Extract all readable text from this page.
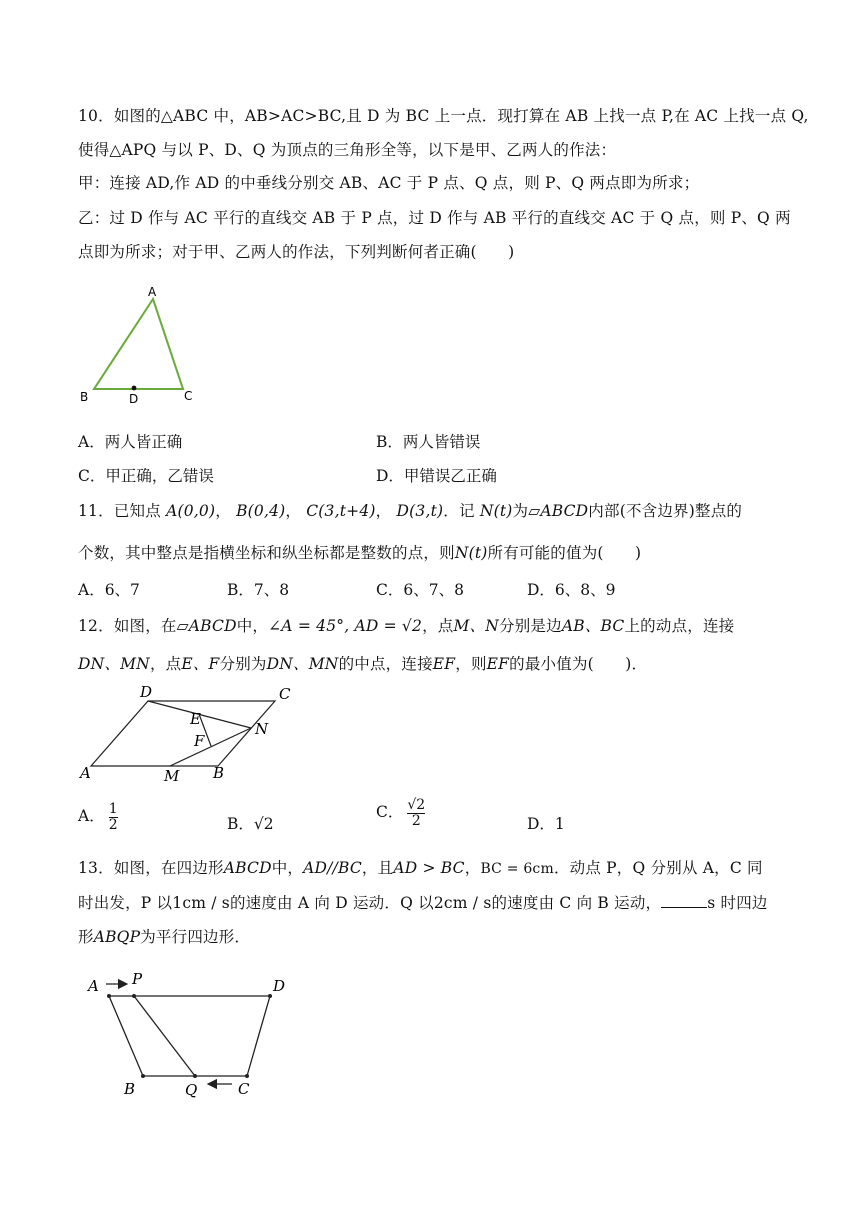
10．如图的△ABC 中，AB>AC>BC,且 D 为 BC 上一点．现打算在 AB 上找一点 P,在 AC 上找一点 Q,
使得△APQ 与以 P、D、Q 为顶点的三角形全等，以下是甲、乙两人的作法：
甲：连接 AD,作 AD 的中垂线分别交 AB、AC 于 P 点、Q 点，则 P、Q 两点即为所求；
乙：过 D 作与 AC 平行的直线交 AB 于 P 点，过 D 作与 AB 平行的直线交 AC 于 Q 点，则 P、Q 两
点即为所求；对于甲、乙两人的作法，下列判断何者正确(　　)
A
B	C
D
A．两人皆正确	B．两人皆错误
C．甲正确，乙错误	D．甲错误乙正确
11．已知点 A(0,0)， B(0,4)， C(3,t+4)， D(3,t)．记 N(t)为▱ABCD内部(不含边界)整点的
个数，其中整点是指横坐标和纵坐标都是整数的点，则N(t)所有可能的值为(　　)
A．6、7	B．7、8	C．6、7、8	D．6、8、9
12．如图，在▱ABCD中，∠A = 45°, AD = √2，点M、N分别是边AB、BC上的动点，连接
DN、MN，点E、F分别为DN、MN的中点，连接EF，则EF的最小值为(　　)．
D	C
E
F
N
A	M B
A． $\frac{1}{2}$	B．√2
C． $\frac{√2}{2}$	D．1
13．如图，在四边形ABCD中，AD//BC，且AD > BC，BC = 6cm．动点 P，Q 分别从 A，C 同
时出发，P 以1cm / s的速度由 A 向 D 运动．Q 以2cm / s的速度由 C 向 B 运动，	s 时四边
形ABQP为平行四边形．
A P	D
B	Q	C
